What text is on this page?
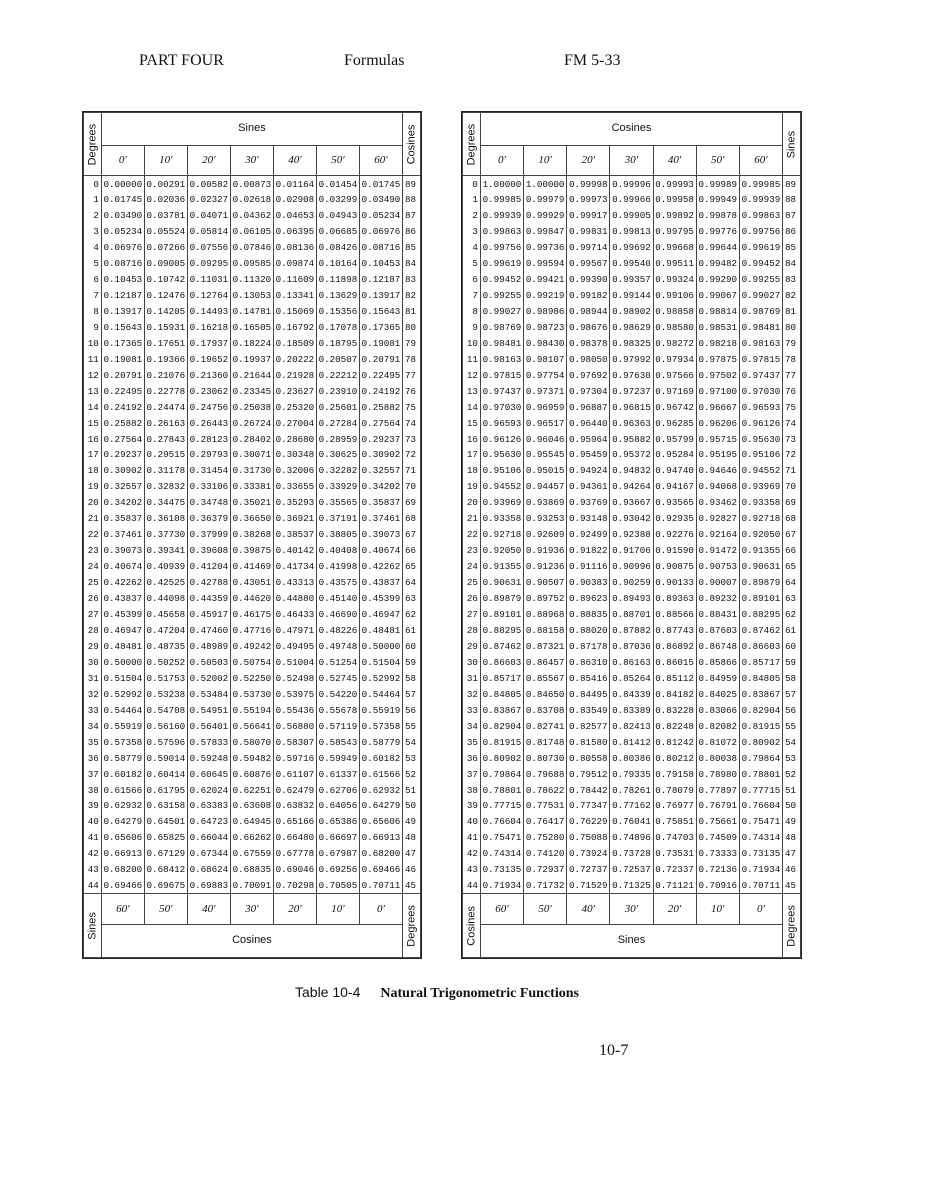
PART FOUR	Formulas	FM 5-33
Degrees	Sines							Cosines
	0′	10′	20′	30′	40′	50′	60′	
0	0.00000	0.00291	0.00582	0.00873	0.01164	0.01454	0.01745	89
1	0.01745	0.02036	0.02327	0.02618	0.02908	0.03299	0.03490	88
2	0.03490	0.03781	0.04071	0.04362	0.04653	0.04943	0.05234	87
3	0.05234	0.05524	0.05814	0.06105	0.06395	0.06685	0.06976	86
4	0.06976	0.07266	0.07556	0.07846	0.08136	0.08426	0.08716	85
5	0.08716	0.09005	0.09295	0.09585	0.09874	0.10164	0.10453	84
6	0.10453	0.10742	0.11031	0.11320	0.11609	0.11898	0.12187	83
7	0.12187	0.12476	0.12764	0.13053	0.13341	0.13629	0.13917	82
8	0.13917	0.14205	0.14493	0.14781	0.15069	0.15356	0.15643	81
9	0.15643	0.15931	0.16218	0.16505	0.16792	0.17078	0.17365	80
10	0.17365	0.17651	0.17937	0.18224	0.18509	0.18795	0.19081	79
11	0.19081	0.19366	0.19652	0.19937	0.20222	0.20507	0.20791	78
12	0.20791	0.21076	0.21360	0.21644	0.21928	0.22212	0.22495	77
13	0.22495	0.22778	0.23062	0.23345	0.23627	0.23910	0.24192	76
14	0.24192	0.24474	0.24756	0.25038	0.25320	0.25601	0.25882	75
15	0.25882	0.26163	0.26443	0.26724	0.27004	0.27284	0.27564	74
16	0.27564	0.27843	0.28123	0.28402	0.28680	0.28959	0.29237	73
17	0.29237	0.29515	0.29793	0.30071	0.30348	0.30625	0.30902	72
18	0.30902	0.31178	0.31454	0.31730	0.32006	0.32282	0.32557	71
19	0.32557	0.32832	0.33106	0.33381	0.33655	0.33929	0.34202	70
20	0.34202	0.34475	0.34748	0.35021	0.35293	0.35565	0.35837	69
21	0.35837	0.36108	0.36379	0.36650	0.36921	0.37191	0.37461	68
22	0.37461	0.37730	0.37999	0.38268	0.38537	0.38805	0.39073	67
23	0.39073	0.39341	0.39608	0.39875	0.40142	0.40408	0.40674	66
24	0.40674	0.40939	0.41204	0.41469	0.41734	0.41998	0.42262	65
25	0.42262	0.42525	0.42788	0.43051	0.43313	0.43575	0.43837	64
26	0.43837	0.44098	0.44359	0.44620	0.44880	0.45140	0.45399	63
27	0.45399	0.45658	0.45917	0.46175	0.46433	0.46690	0.46947	62
28	0.46947	0.47204	0.47460	0.47716	0.47971	0.48226	0.48481	61
29	0.48481	0.48735	0.48989	0.49242	0.49495	0.49748	0.50000	60
30	0.50000	0.50252	0.50503	0.50754	0.51004	0.51254	0.51504	59
31	0.51504	0.51753	0.52002	0.52250	0.52498	0.52745	0.52992	58
32	0.52992	0.53238	0.53484	0.53730	0.53975	0.54220	0.54464	57
33	0.54464	0.54708	0.54951	0.55194	0.55436	0.55678	0.55919	56
34	0.55919	0.56160	0.56401	0.56641	0.56880	0.57119	0.57358	55
35	0.57358	0.57596	0.57833	0.58070	0.58307	0.58543	0.58779	54
36	0.58779	0.59014	0.59248	0.59482	0.59716	0.59949	0.60182	53
37	0.60182	0.60414	0.60645	0.60876	0.61107	0.61337	0.61566	52
38	0.61566	0.61795	0.62024	0.62251	0.62479	0.62706	0.62932	51
39	0.62932	0.63158	0.63383	0.63608	0.63832	0.64056	0.64279	50
40	0.64279	0.64501	0.64723	0.64945	0.65166	0.65386	0.65606	49
41	0.65606	0.65825	0.66044	0.66262	0.66480	0.66697	0.66913	48
42	0.66913	0.67129	0.67344	0.67559	0.67778	0.67987	0.68200	47
43	0.68200	0.68412	0.68624	0.68835	0.69046	0.69256	0.69466	46
44	0.69466	0.69675	0.69883	0.70091	0.70298	0.70505	0.70711	45
Sines	60′	50′	40′	30′	20′	10′	0′	Degrees
	Cosines							
Degrees	Cosines							Sines
	0′	10′	20′	30′	40′	50′	60′	
0	1.00000	1.00000	0.99998	0.99996	0.99993	0.99989	0.99985	89
1	0.99985	0.99979	0.99973	0.99966	0.99958	0.99949	0.99939	88
2	0.99939	0.99929	0.99917	0.99905	0.99892	0.99878	0.99863	87
3	0.99863	0.99847	0.99831	0.99813	0.99795	0.99776	0.99756	86
4	0.99756	0.99736	0.99714	0.99692	0.99668	0.99644	0.99619	85
5	0.99619	0.99594	0.99567	0.99540	0.99511	0.99482	0.99452	84
6	0.99452	0.99421	0.99390	0.99357	0.99324	0.99290	0.99255	83
7	0.99255	0.99219	0.99182	0.99144	0.99106	0.99067	0.99027	82
8	0.99027	0.98986	0.98944	0.98902	0.98858	0.98814	0.98769	81
9	0.98769	0.98723	0.98676	0.98629	0.98580	0.98531	0.98481	80
10	0.98481	0.98430	0.98378	0.98325	0.98272	0.98218	0.98163	79
11	0.98163	0.98107	0.98050	0.97992	0.97934	0.97875	0.97815	78
12	0.97815	0.97754	0.97692	0.97630	0.97566	0.97502	0.97437	77
13	0.97437	0.97371	0.97304	0.97237	0.97169	0.97100	0.97030	76
14	0.97030	0.96959	0.96887	0.96815	0.96742	0.96667	0.96593	75
15	0.96593	0.96517	0.96440	0.96363	0.96285	0.96206	0.96126	74
16	0.96126	0.96046	0.95964	0.95882	0.95799	0.95715	0.95630	73
17	0.95630	0.95545	0.95459	0.95372	0.95284	0.95195	0.95106	72
18	0.95106	0.95015	0.94924	0.94832	0.94740	0.94646	0.94552	71
19	0.94552	0.94457	0.94361	0.94264	0.94167	0.94068	0.93969	70
20	0.93969	0.93869	0.93769	0.93667	0.93565	0.93462	0.93358	69
21	0.93358	0.93253	0.93148	0.93042	0.92935	0.92827	0.92718	68
22	0.92718	0.92609	0.92499	0.92388	0.92276	0.92164	0.92050	67
23	0.92050	0.91936	0.91822	0.91706	0.91590	0.91472	0.91355	66
24	0.91355	0.91236	0.91116	0.90996	0.90875	0.90753	0.90631	65
25	0.90631	0.90507	0.90383	0.90259	0.90133	0.90007	0.89879	64
26	0.89879	0.89752	0.89623	0.89493	0.89363	0.89232	0.89101	63
27	0.89101	0.88968	0.88835	0.88701	0.88566	0.88431	0.88295	62
28	0.88295	0.88158	0.88020	0.87882	0.87743	0.87603	0.87462	61
29	0.87462	0.87321	0.87178	0.87036	0.86892	0.86748	0.86603	60
30	0.86603	0.86457	0.86310	0.86163	0.86015	0.85866	0.85717	59
31	0.85717	0.85567	0.85416	0.85264	0.85112	0.84959	0.84805	58
32	0.84805	0.84650	0.84495	0.84339	0.84182	0.84025	0.83867	57
33	0.83867	0.83708	0.83549	0.83389	0.83228	0.83066	0.82904	56
34	0.82904	0.82741	0.82577	0.82413	0.82248	0.82082	0.81915	55
35	0.81915	0.81748	0.81580	0.81412	0.81242	0.81072	0.80902	54
36	0.80902	0.80730	0.80558	0.80386	0.80212	0.80038	0.79864	53
37	0.79864	0.79688	0.79512	0.79335	0.79158	0.78980	0.78801	52
38	0.78801	0.78622	0.78442	0.78261	0.78079	0.77897	0.77715	51
39	0.77715	0.77531	0.77347	0.77162	0.76977	0.76791	0.76604	50
40	0.76604	0.76417	0.76229	0.76041	0.75851	0.75661	0.75471	49
41	0.75471	0.75280	0.75088	0.74896	0.74703	0.74509	0.74314	48
42	0.74314	0.74120	0.73924	0.73728	0.73531	0.73333	0.73135	47
43	0.73135	0.72937	0.72737	0.72537	0.72337	0.72136	0.71934	46
44	0.71934	0.71732	0.71529	0.71325	0.71121	0.70916	0.70711	45
Cosines	60′	50′	40′	30′	20′	10′	0′	Degrees
	Sines							
Table 10-4 Natural Trigonometric Functions
10-7
